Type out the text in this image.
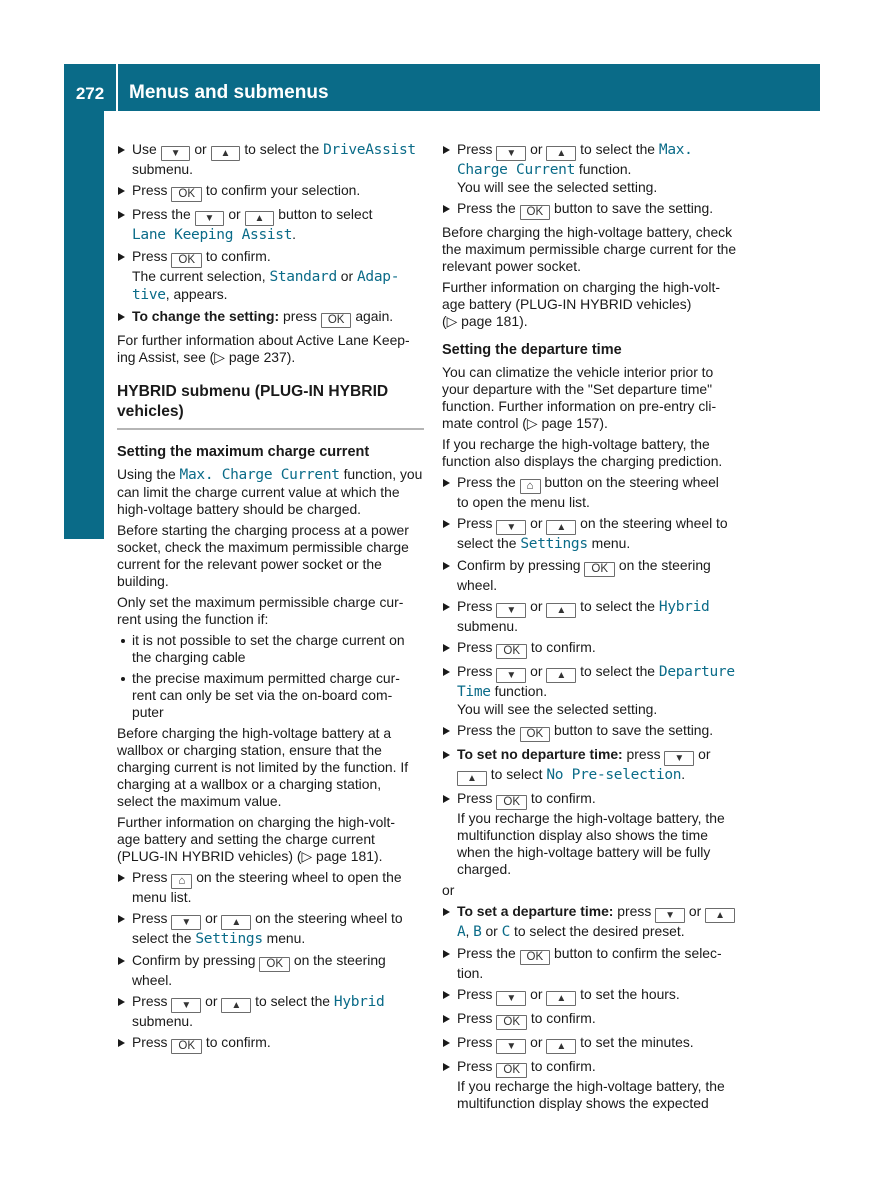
272	Menus and submenus
On-board computer and displays
Use ▼ or ▲ to select the DriveAssist
submenu.
Press OK to confirm your selection.
Press the ▼ or ▲ button to select
Lane Keeping Assist.
Press OK to confirm.
The current selection, Standard or Adap-
tive, appears.
To change the setting: press OK again.
For further information about Active Lane Keep-
ing Assist, see (▷ page 237).
HYBRID submenu (PLUG-IN HYBRID
vehicles)
Setting the maximum charge current
Using the Max. Charge Current function, you
can limit the charge current value at which the
high-voltage battery should be charged.
Before starting the charging process at a power
socket, check the maximum permissible charge
current for the relevant power socket or the
building.
Only set the maximum permissible charge cur-
rent using the function if:
it is not possible to set the charge current on
the charging cable
the precise maximum permitted charge cur-
rent can only be set via the on-board com-
puter
Before charging the high-voltage battery at a
wallbox or charging station, ensure that the
charging current is not limited by the function. If
charging at a wallbox or a charging station,
select the maximum value.
Further information on charging the high-volt-
age battery and setting the charge current
(PLUG-IN HYBRID vehicles) (▷ page 181).
Press ⌂ on the steering wheel to open the
menu list.
Press ▼ or ▲ on the steering wheel to
select the Settings menu.
Confirm by pressing OK on the steering
wheel.
Press ▼ or ▲ to select the Hybrid
submenu.
Press OK to confirm.
Press ▼ or ▲ to select the Max.
Charge Current function.
You will see the selected setting.
Press the OK button to save the setting.
Before charging the high-voltage battery, check
the maximum permissible charge current for the
relevant power socket.
Further information on charging the high-volt-
age battery (PLUG-IN HYBRID vehicles)
(▷ page 181).
Setting the departure time
You can climatize the vehicle interior prior to
your departure with the "Set departure time"
function. Further information on pre-entry cli-
mate control (▷ page 157).
If you recharge the high-voltage battery, the
function also displays the charging prediction.
Press the ⌂ button on the steering wheel
to open the menu list.
Press ▼ or ▲ on the steering wheel to
select the Settings menu.
Confirm by pressing OK on the steering
wheel.
Press ▼ or ▲ to select the Hybrid
submenu.
Press OK to confirm.
Press ▼ or ▲ to select the Departure
Time function.
You will see the selected setting.
Press the OK button to save the setting.
To set no departure time: press ▼ or
▲ to select No Pre-selection.
Press OK to confirm.
If you recharge the high-voltage battery, the
multifunction display also shows the time
when the high-voltage battery will be fully
charged.
or
To set a departure time: press ▼ or ▲
A, B or C to select the desired preset.
Press the OK button to confirm the selec-
tion.
Press ▼ or ▲ to set the hours.
Press OK to confirm.
Press ▼ or ▲ to set the minutes.
Press OK to confirm.
If you recharge the high-voltage battery, the
multifunction display shows the expected
